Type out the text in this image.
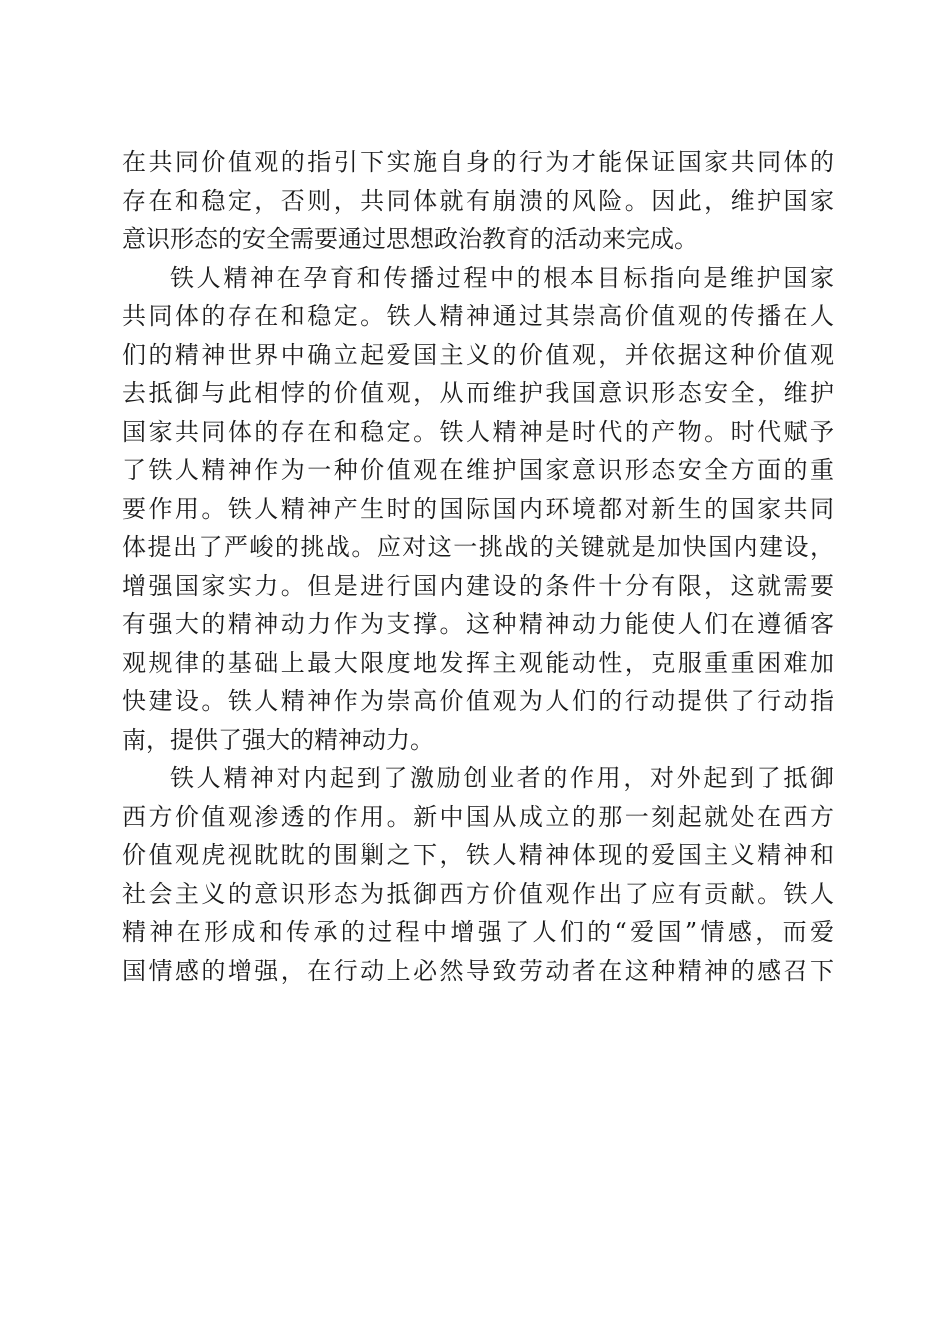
在共同价值观的指引下实施自身的行为才能保证国家共同体的
存在和稳定，否则，共同体就有崩溃的风险。因此，维护国家
意识形态的安全需要通过思想政治教育的活动来完成。
铁人精神在孕育和传播过程中的根本目标指向是维护国家
共同体的存在和稳定。铁人精神通过其崇高价值观的传播在人
们的精神世界中确立起爱国主义的价值观，并依据这种价值观
去抵御与此相悖的价值观，从而维护我国意识形态安全，维护
国家共同体的存在和稳定。铁人精神是时代的产物。时代赋予
了铁人精神作为一种价值观在维护国家意识形态安全方面的重
要作用。铁人精神产生时的国际国内环境都对新生的国家共同
体提出了严峻的挑战。应对这一挑战的关键就是加快国内建设，
增强国家实力。但是进行国内建设的条件十分有限，这就需要
有强大的精神动力作为支撑。这种精神动力能使人们在遵循客
观规律的基础上最大限度地发挥主观能动性，克服重重困难加
快建设。铁人精神作为崇高价值观为人们的行动提供了行动指
南，提供了强大的精神动力。
铁人精神对内起到了激励创业者的作用，对外起到了抵御
西方价值观渗透的作用。新中国从成立的那一刻起就处在西方
价值观虎视眈眈的围剿之下，铁人精神体现的爱国主义精神和
社会主义的意识形态为抵御西方价值观作出了应有贡献。铁人
精神在形成和传承的过程中增强了人们的“爱国”情感，而爱
国情感的增强，在行动上必然导致劳动者在这种精神的感召下
